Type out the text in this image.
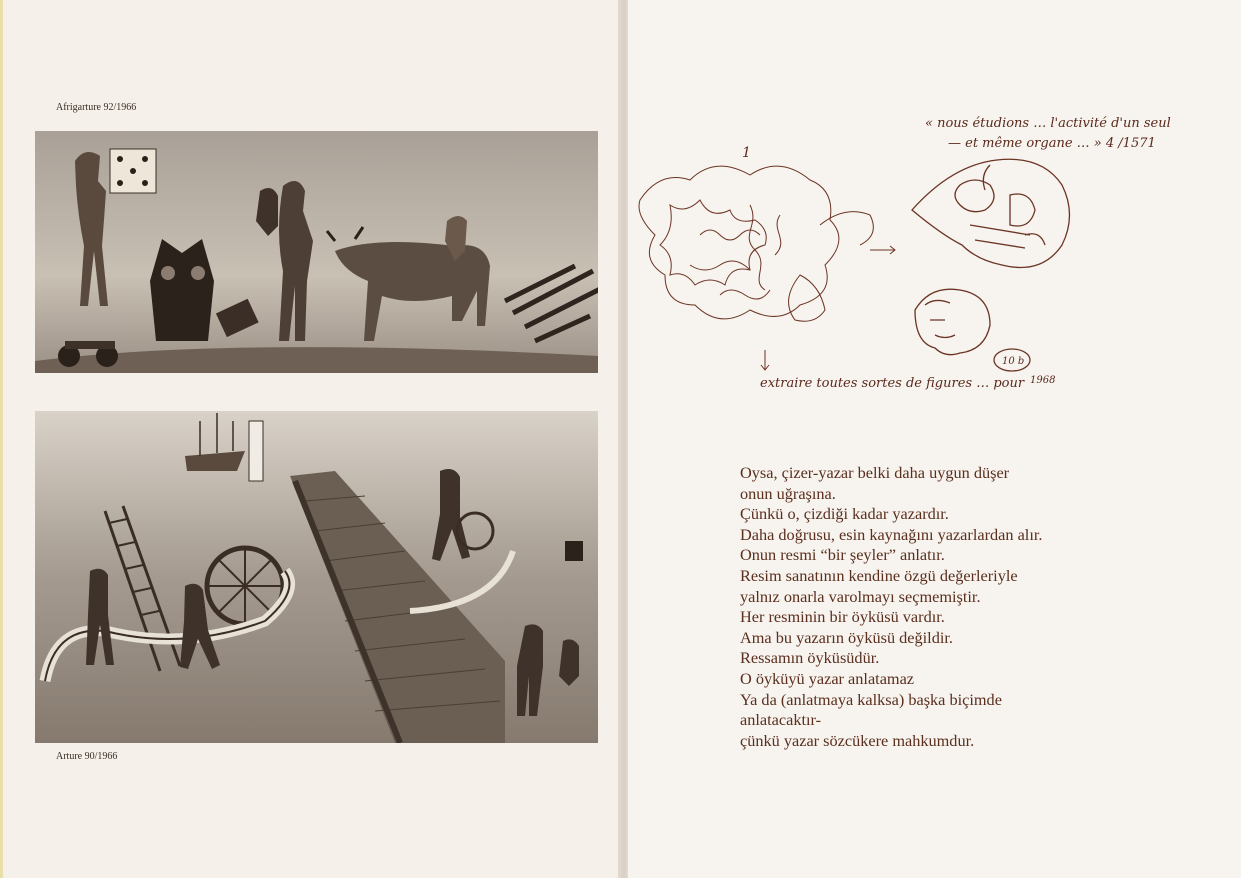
Afrigarture 92/1966
Arture 90/1966
« nous étudions … l'activité d'un seul
— et même organe … » 4 /1571
1
10 b
extraire toutes sortes de figures … pour 1968
Oysa, çizer-yazar belki daha uygun düşer
onun uğraşına.
Çünkü o, çizdiği kadar yazardır.
Daha doğrusu, esin kaynağını yazarlardan alır.
Onun resmi “bir şeyler” anlatır.
Resim sanatının kendine özgü değerleriyle
yalnız onarla varolmayı seçmemiştir.
Her resminin bir öyküsü vardır.
Ama bu yazarın öyküsü değildir.
Ressamın öyküsüdür.
O öyküyü yazar anlatamaz
Ya da (anlatmaya kalksa) başka biçimde
anlatacaktır-
çünkü yazar sözcükere mahkumdur.
